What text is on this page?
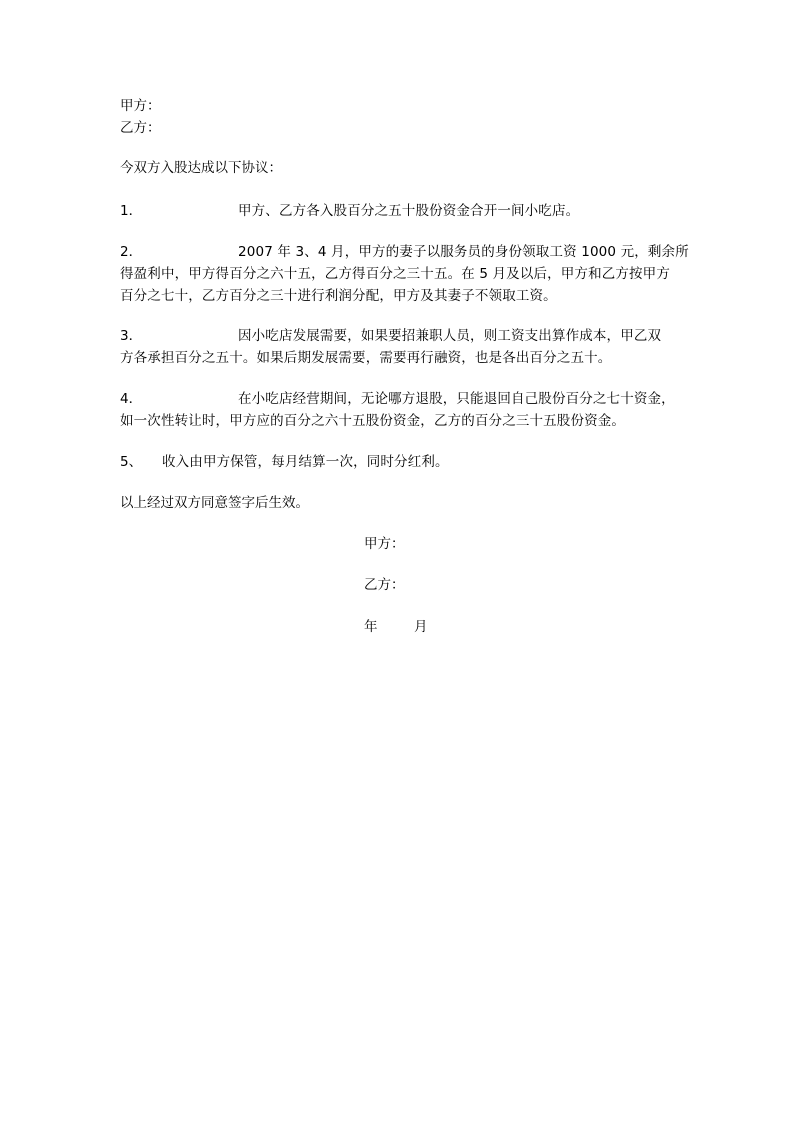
甲方：
乙方：
今双方入股达成以下协议：
1．	甲方、乙方各入股百分之五十股份资金合开一间小吃店。
2．	2007 年 3、4 月，甲方的妻子以服务员的身份领取工资 1000 元，剩余所
得盈利中，甲方得百分之六十五，乙方得百分之三十五。在 5 月及以后，甲方和乙方按甲方
百分之七十，乙方百分之三十进行利润分配，甲方及其妻子不领取工资。
3．	因小吃店发展需要，如果要招兼职人员，则工资支出算作成本，甲乙双
方各承担百分之五十。如果后期发展需要，需要再行融资，也是各出百分之五十。
4．	在小吃店经营期间，无论哪方退股，只能退回自己股份百分之七十资金，
如一次性转让时，甲方应的百分之六十五股份资金，乙方的百分之三十五股份资金。
5、 收入由甲方保管，每月结算一次，同时分红利。
以上经过双方同意签字后生效。
甲方：
乙方：
年	月
